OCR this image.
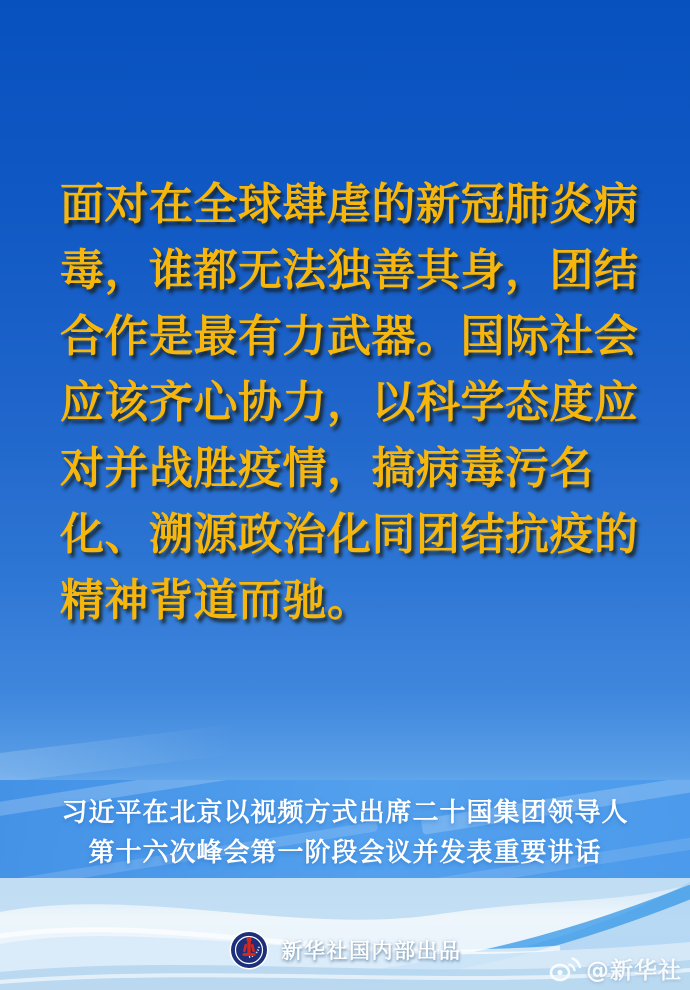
面对在全球肆虐的新冠肺炎病
毒，谁都无法独善其身，团结
合作是最有力武器。国际社会
应该齐心协力，以科学态度应
对并战胜疫情，搞病毒污名
化、溯源政治化同团结抗疫的
精神背道而驰。
习近平在北京以视频方式出席二十国集团领导人
第十六次峰会第一阶段会议并发表重要讲话
新华社国内部出品
@新华社
